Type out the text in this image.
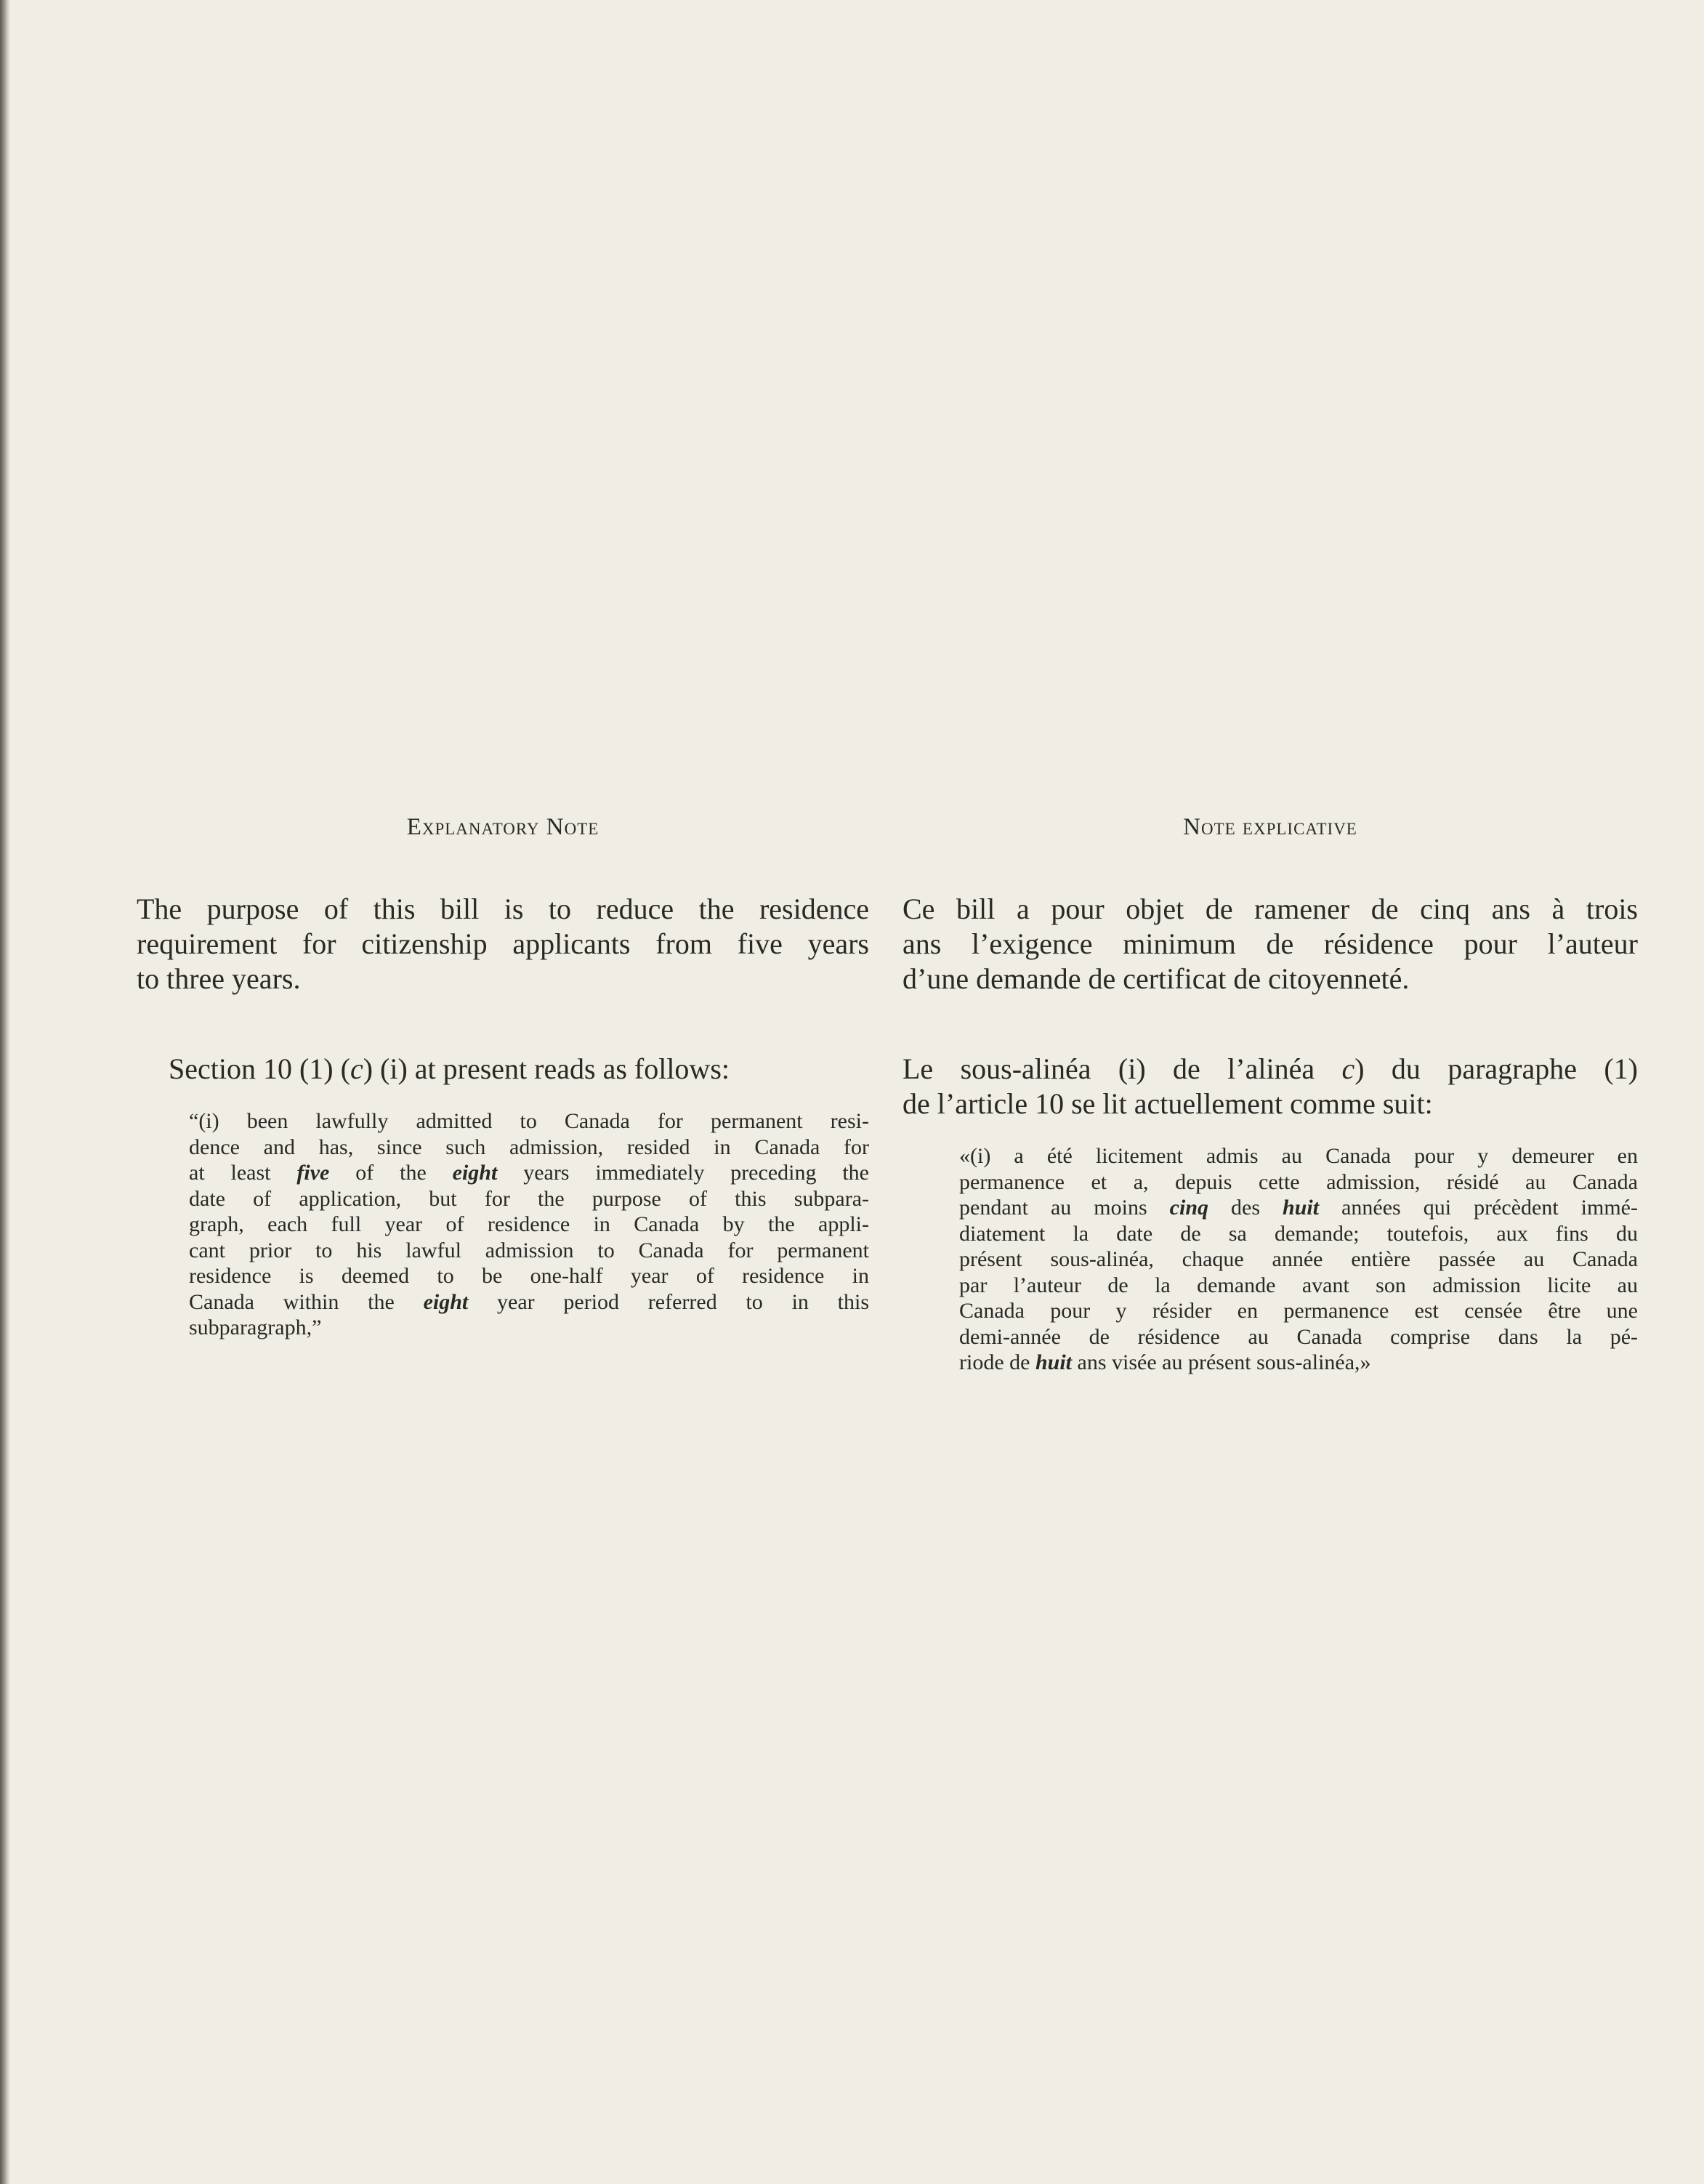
Explanatory Note

The purpose of this bill is to reduce the residence
requirement for citizenship applicants from five years
to three years.

Section 10 (1) (c) (i) at present reads as follows:

“(i) been lawfully admitted to Canada for permanent resi-
dence and has, since such admission, resided in Canada for
at least five of the eight years immediately preceding the
date of application, but for the purpose of this subpara-
graph, each full year of residence in Canada by the appli-
cant prior to his lawful admission to Canada for permanent
residence is deemed to be one-half year of residence in
Canada within the eight year period referred to in this
subparagraph,”
Note explicative

Ce bill a pour objet de ramener de cinq ans à trois
ans l’exigence minimum de résidence pour l’auteur
d’une demande de certificat de citoyenneté.

Le sous-alinéa (i) de l’alinéa c) du paragraphe (1)
de l’article 10 se lit actuellement comme suit:

«(i) a été licitement admis au Canada pour y demeurer en
permanence et a, depuis cette admission, résidé au Canada
pendant au moins cinq des huit années qui précèdent immé-
diatement la date de sa demande; toutefois, aux fins du
présent sous-alinéa, chaque année entière passée au Canada
par l’auteur de la demande avant son admission licite au
Canada pour y résider en permanence est censée être une
demi-année de résidence au Canada comprise dans la pé-
riode de huit ans visée au présent sous-alinéa,»
